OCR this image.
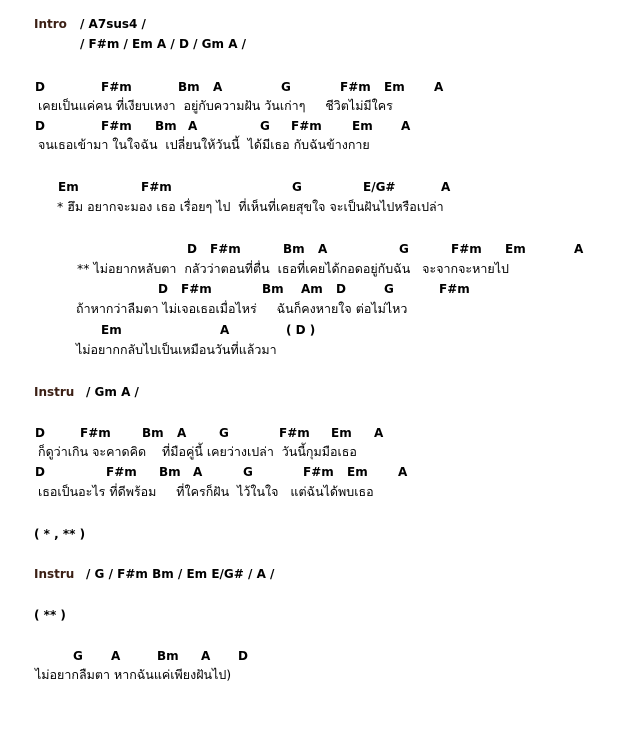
Intro / A7sus4 /
/ F#m / Em A / D / Gm A /

D

	F#m

	Bm

A

	G

	F#m

Em

A

เคยเป็นแค่คน ที่เงียบเหงา  อยู่กับความฝัน วันเก่าๆ     ชีวิตไม่มีใคร

D

	F#m

Bm

A

	G

F#m

	Em

A

จนเธอเข้ามา ในใจฉัน  เปลี่ยนให้วันนี้  ได้มีเธอ กับฉันข้างกาย

Em

	F#m

	G

	E/G#

	A

* ฮึม อยากจะมอง เธอ เรื่อยๆ ไป  ที่เห็นที่เคยสุขใจ จะเป็นฝันไปหรือเปล่า

D

F#m

	Bm

A

	G

	F#m

Em

	A

** ไม่อยากหลับตา  กลัวว่าตอนที่ตื่น  เธอที่เคยได้กอดอยู่กับฉัน   จะจากจะหายไป

D

F#m

	Bm

Am

D

	G

	F#m

ถ้าหากว่าลืมตา ไม่เจอเธอเมื่อไหร่     ฉันก็คงหายใจ ต่อไม่ไหว

Em

	A

	( D )

ไม่อยากกลับไปเป็นเหมือนวันที่แล้วมา
Instru / Gm A /

D

	F#m

	Bm

A

	G

	F#m

Em

A

ก็ดูว่าเกิน จะคาดคิด    ที่มือคู่นี้ เคยว่างเปล่า  วันนี้กุมมือเธอ

D

	F#m

Bm

A

	G

	F#m

Em

	A

เธอเป็นอะไร ที่ดีพร้อม     ที่ใครก็ฝัน  ไว้ในใจ   แต่ฉันได้พบเธอ
( * , ** )
Instru / G / F#m Bm / Em E/G# / A /
( ** )

G

A

	Bm

A

D

ไม่อยากลืมตา หากฉันแค่เพียงฝันไป)
